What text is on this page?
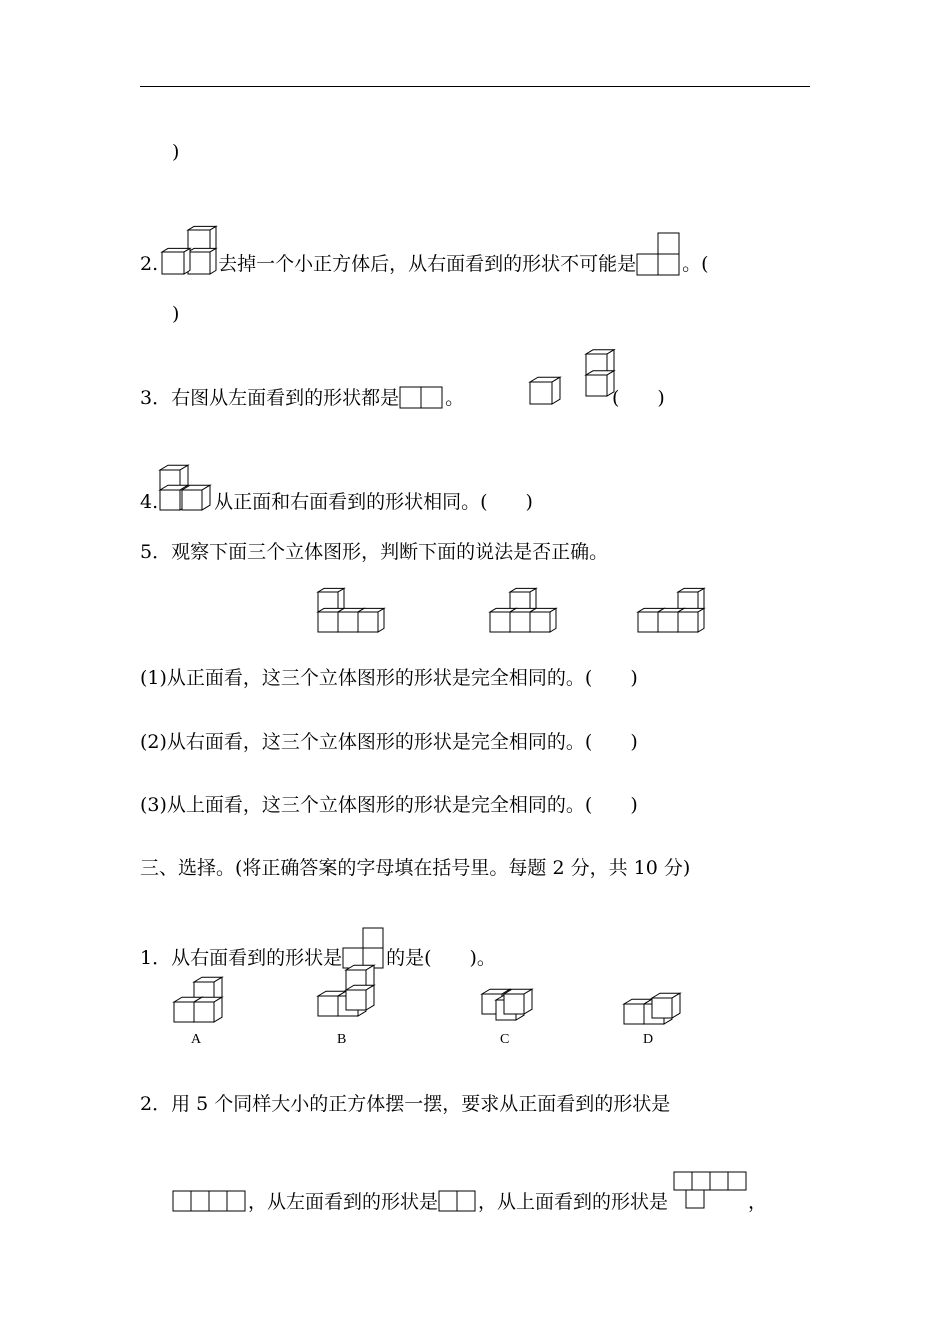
)
2.	去掉一个小正方体后，从右面看到的形状不可能是 。(
)
3．右图从左面看到的形状都是 。	(　　)
4.	从正面和右面看到的形状相同。(　　)
5．观察下面三个立体图形，判断下面的说法是否正确。
(1)从正面看，这三个立体图形的形状是完全相同的。(　　)
(2)从右面看，这三个立体图形的形状是完全相同的。(　　)
(3)从上面看，这三个立体图形的形状是完全相同的。(　　)
三、选择。(将正确答案的字母填在括号里。每题 2 分，共 10 分)
1．从右面看到的形状是 的是(　　)。
A	B	C	D
2．用 5 个同样大小的正方体摆一摆，要求从正面看到的形状是
，从左面看到的形状是 ，从上面看到的形状是	，
